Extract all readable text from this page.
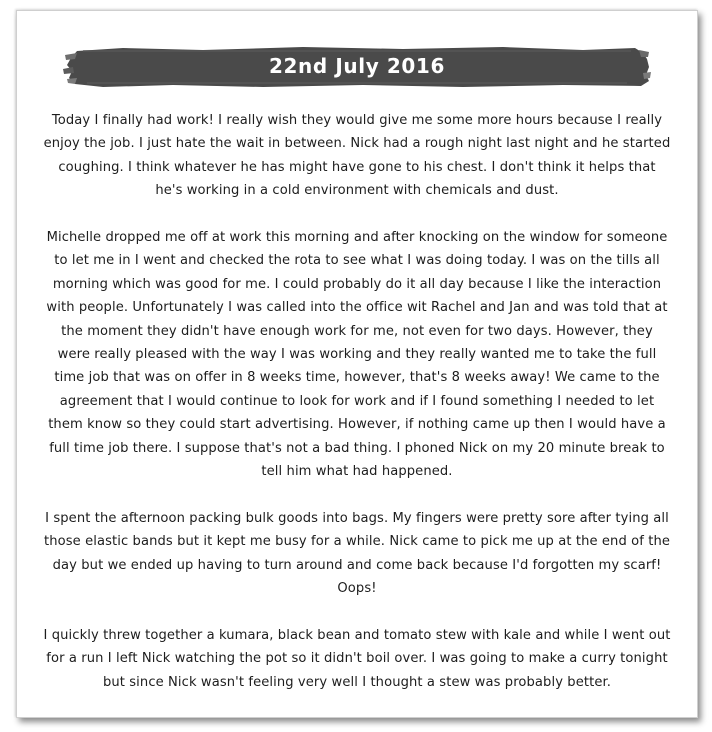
22nd July 2016

Today I finally had work! I really wish they would give me some more hours because I really enjoy the job. I just hate the wait in between. Nick had a rough night last night and he started coughing. I think whatever he has might have gone to his chest. I don't think it helps that he's working in a cold environment with chemicals and dust.

Michelle dropped me off at work this morning and after knocking on the window for someone to let me in I went and checked the rota to see what I was doing today. I was on the tills all morning which was good for me. I could probably do it all day because I like the interaction with people. Unfortunately I was called into the office wit Rachel and Jan and was told that at the moment they didn't have enough work for me, not even for two days. However, they were really pleased with the way I was working and they really wanted me to take the full time job that was on offer in 8 weeks time, however, that's 8 weeks away! We came to the agreement that I would continue to look for work and if I found something I needed to let them know so they could start advertising. However, if nothing came up then I would have a full time job there. I suppose that's not a bad thing. I phoned Nick on my 20 minute break to tell him what had happened.

I spent the afternoon packing bulk goods into bags. My fingers were pretty sore after tying all those elastic bands but it kept me busy for a while. Nick came to pick me up at the end of the day but we ended up having to turn around and come back because I'd forgotten my scarf! Oops!

I quickly threw together a kumara, black bean and tomato stew with kale and while I went out for a run I left Nick watching the pot so it didn't boil over. I was going to make a curry tonight but since Nick wasn't feeling very well I thought a stew was probably better.
